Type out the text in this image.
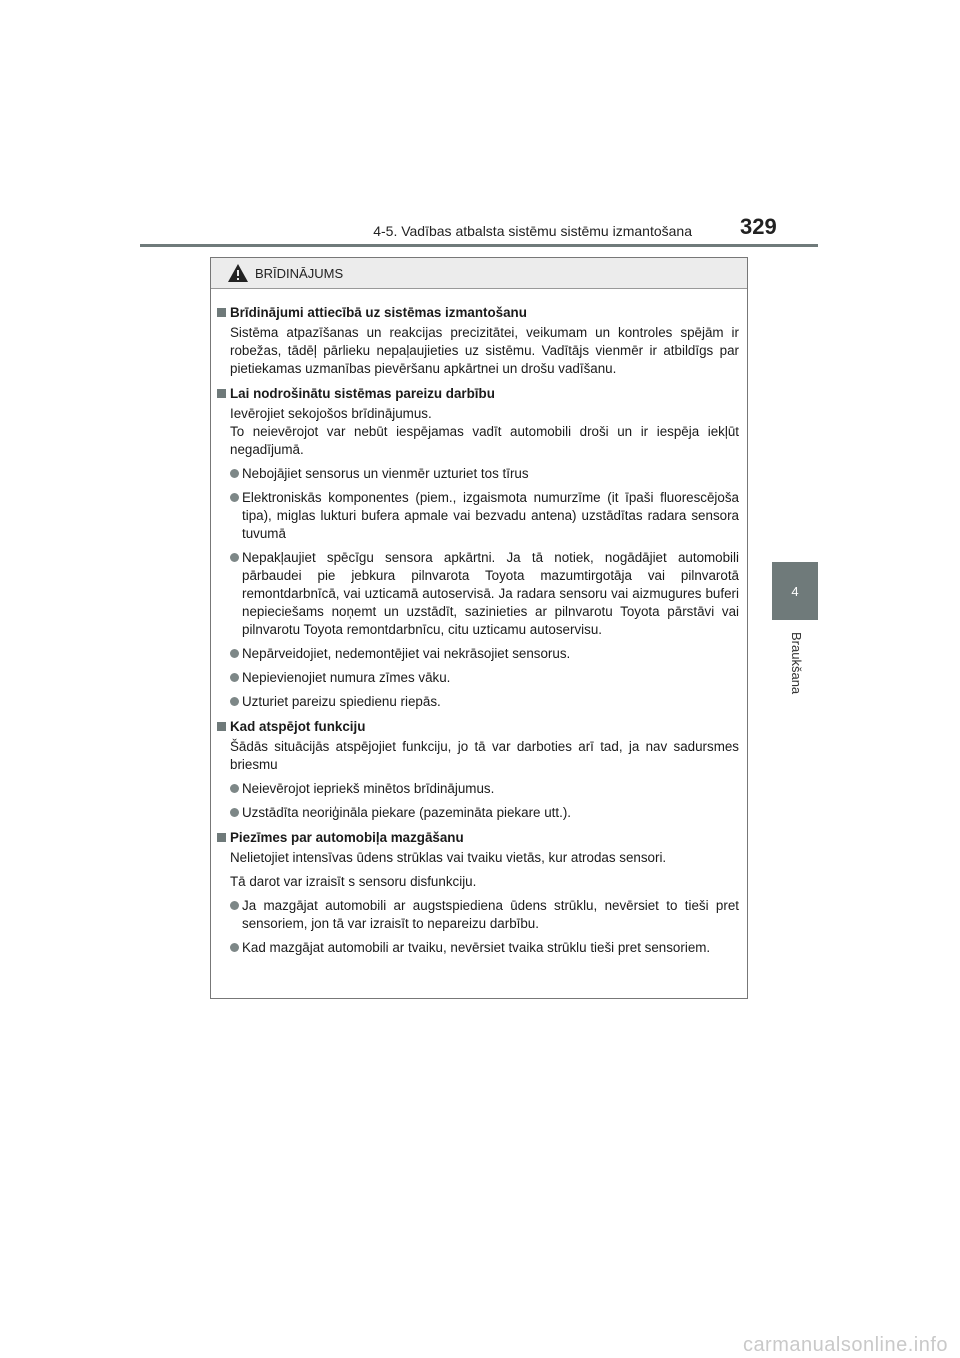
4-5. Vadības atbalsta sistēmu sistēmu izmantošana 329
4
Braukšana
BRĪDINĀJUMS
Brīdinājumi attiecībā uz sistēmas izmantošanu
Sistēma atpazīšanas un reakcijas precizitātei, veikumam un kontroles spējām ir robežas, tādēļ pārlieku nepaļaujieties uz sistēmu. Vadītājs vienmēr ir atbildīgs par pietiekamas uzmanības pievēršanu apkārtnei un drošu vadīšanu.
Lai nodrošinātu sistēmas pareizu darbību
Ievērojiet sekojošos brīdinājumus.
To neievērojot var nebūt iespējamas vadīt automobili droši un ir iespēja iekļūt negadījumā.
Nebojājiet sensorus un vienmēr uzturiet tos tīrus
Elektroniskās komponentes (piem., izgaismota numurzīme (it īpaši fluorescējoša tipa), miglas lukturi bufera apmale vai bezvadu antena) uzstādītas radara sensora tuvumā
Nepakļaujiet spēcīgu sensora apkārtni. Ja tā notiek, nogādājiet automobili pārbaudei pie jebkura pilnvarota Toyota mazumtirgotāja vai pilnvarotā remontdarbnīcā, vai uzticamā autoservisā. Ja radara sensoru vai aizmugures buferi nepieciešams noņemt un uzstādīt, sazinieties ar pilnvarotu Toyota pārstāvi vai pilnvarotu Toyota remontdarbnīcu, citu uzticamu autoservisu.
Nepārveidojiet, nedemontējiet vai nekrāsojiet sensorus.
Nepievienojiet numura zīmes vāku.
Uzturiet pareizu spiedienu riepās.
Kad atspējot funkciju
Šādās situācijās atspējojiet funkciju, jo tā var darboties arī tad, ja nav sadursmes briesmu
Neievērojot iepriekš minētos brīdinājumus.
Uzstādīta neoriģināla piekare (pazemināta piekare utt.).
Piezīmes par automobiļa mazgāšanu
Nelietojiet intensīvas ūdens strūklas vai tvaiku vietās, kur atrodas sensori.
Tā darot var izraisīt s sensoru disfunkciju.
Ja mazgājat automobili ar augstspiediena ūdens strūklu, nevērsiet to tieši pret sensoriem, jon tā var izraisīt to nepareizu darbību.
Kad mazgājat automobili ar tvaiku, nevērsiet tvaika strūklu tieši pret sensoriem.
carmanualsonline.info
